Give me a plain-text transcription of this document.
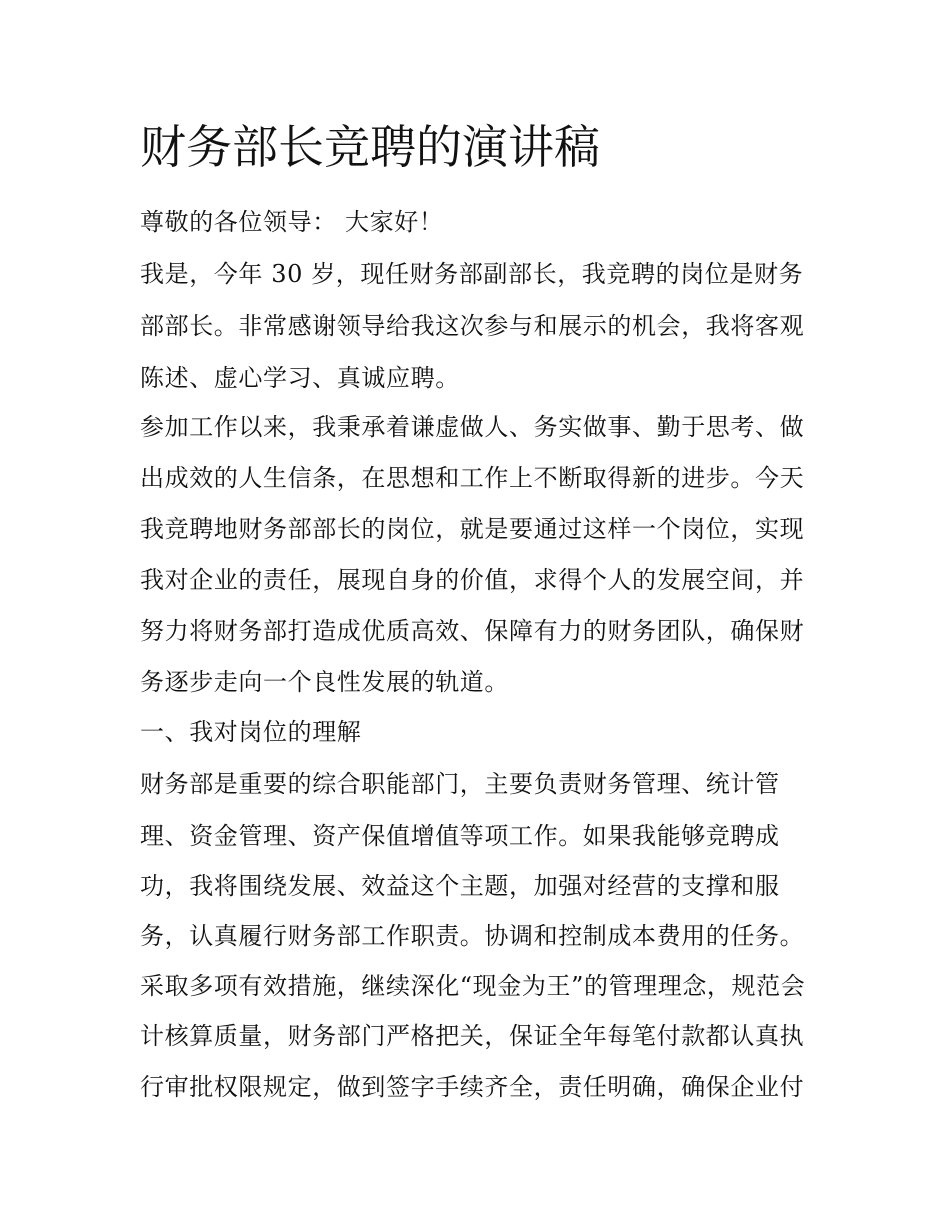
财务部长竞聘的演讲稿

尊敬的各位领导： 大家好！

我是，今年 30 岁，现任财务部副部长，我竞聘的岗位是财务

部部长。非常感谢领导给我这次参与和展示的机会，我将客观

陈述、虚心学习、真诚应聘。

参加工作以来，我秉承着谦虚做人、务实做事、勤于思考、做

出成效的人生信条，在思想和工作上不断取得新的进步。今天

我竞聘地财务部部长的岗位，就是要通过这样一个岗位，实现

我对企业的责任，展现自身的价值，求得个人的发展空间，并

努力将财务部打造成优质高效、保障有力的财务团队，确保财

务逐步走向一个良性发展的轨道。

一、我对岗位的理解

财务部是重要的综合职能部门，主要负责财务管理、统计管

理、资金管理、资产保值增值等项工作。如果我能够竞聘成

功，我将围绕发展、效益这个主题，加强对经营的支撑和服

务，认真履行财务部工作职责。协调和控制成本费用的任务。

采取多项有效措施，继续深化“现金为王”的管理理念，规范会

计核算质量，财务部门严格把关，保证全年每笔付款都认真执

行审批权限规定，做到签字手续齐全，责任明确，确保企业付
